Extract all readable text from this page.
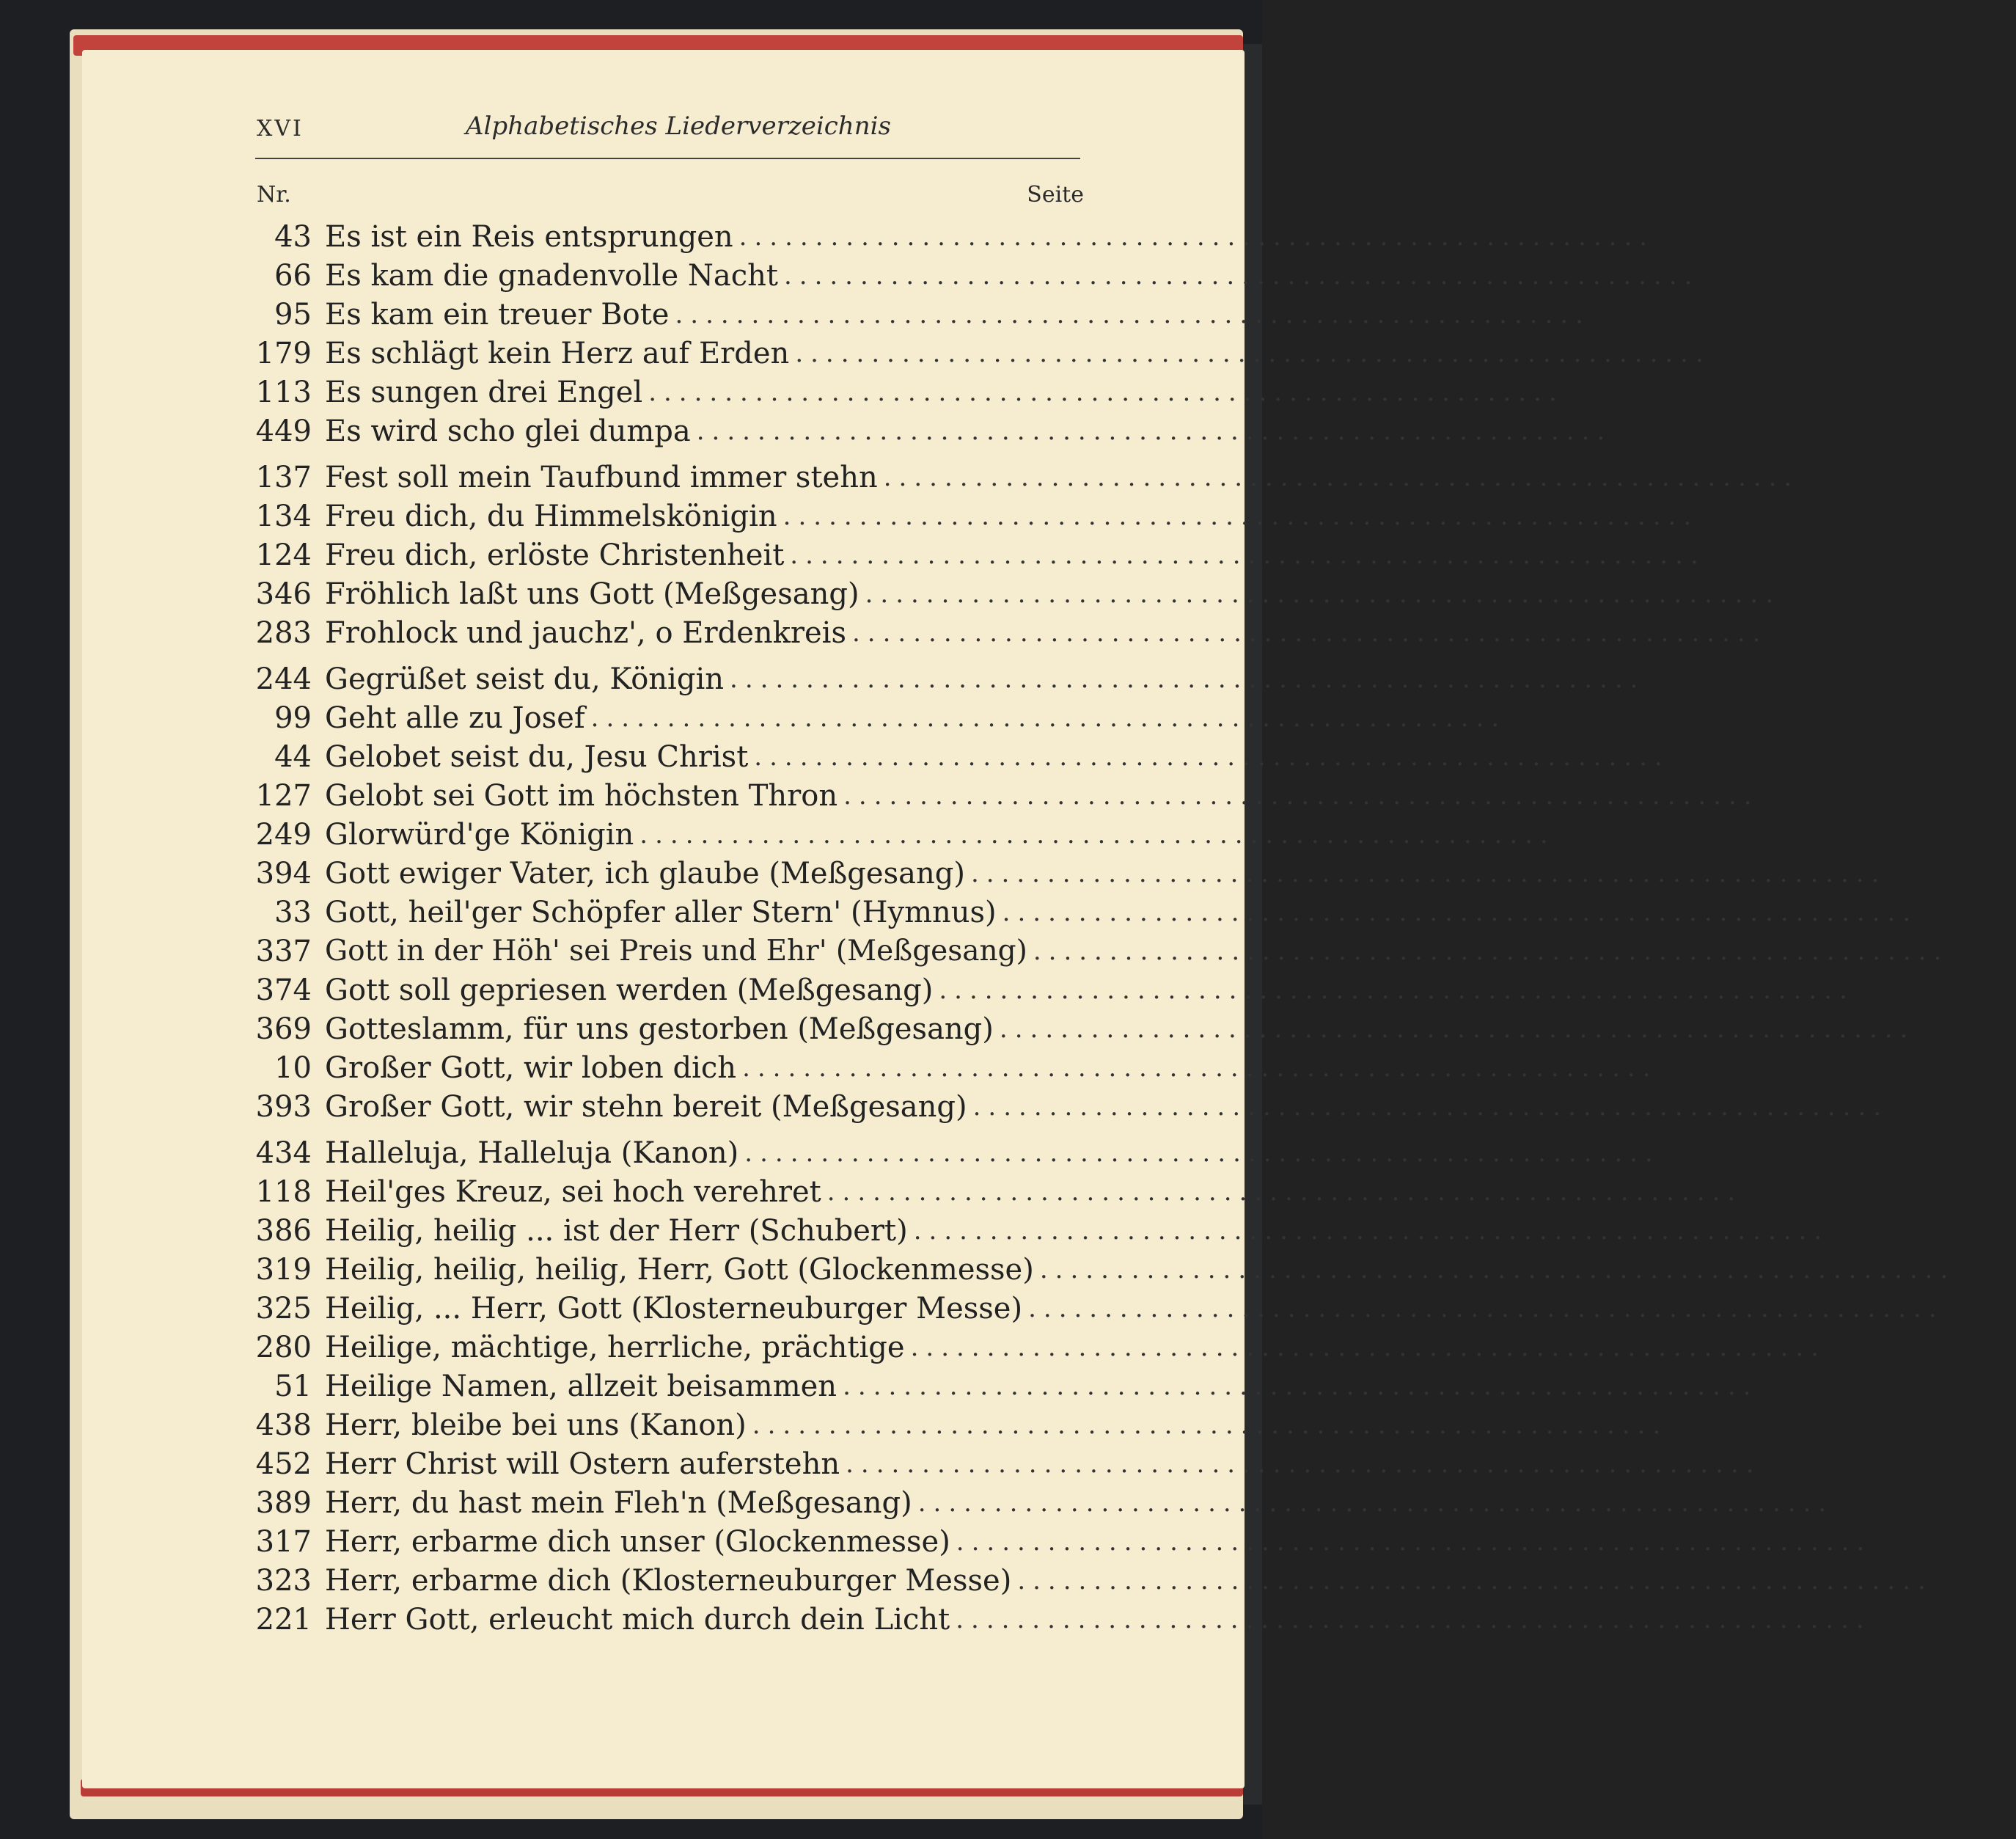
XVI	Alphabetisches Liederverzeichnis
Nr.	Seite
43 Es ist ein Reis entsprungen ............................................................ 67
66 Es kam die gnadenvolle Nacht ............................................................ 88
95 Es kam ein treuer Bote ............................................................ 138
179 Es schlägt kein Herz auf Erden ............................................................ 280
113 Es sungen drei Engel ............................................................ 162
449 Es wird scho glei dumpa ............................................................ 628
137 Fest soll mein Taufbund immer stehn ............................................................ 214
134 Freu dich, du Himmelskönigin ............................................................ 207
124 Freu dich, erlöste Christenheit ............................................................ 199
346 Fröhlich laßt uns Gott (Meßgesang) ............................................................ 545
283 Frohlock und jauchz', o Erdenkreis ............................................................ 429
244 Gegrüßet seist du, Königin ............................................................ 366
99 Geht alle zu Josef ............................................................ 144
44 Gelobet seist du, Jesu Christ ............................................................ 67
127 Gelobt sei Gott im höchsten Thron ............................................................ 201
249 Glorwürd'ge Königin ............................................................ 374
394 Gott ewiger Vater, ich glaube (Meßgesang) ............................................................ 569
33 Gott, heil'ger Schöpfer aller Stern' (Hymnus) ............................................................ 47
337 Gott in der Höh' sei Preis und Ehr' (Meßgesang) ............................................................ 539
374 Gott soll gepriesen werden (Meßgesang) ............................................................ 564
369 Gotteslamm, für uns gestorben (Meßgesang) ............................................................ 560
10 Großer Gott, wir loben dich ............................................................ 15
393 Großer Gott, wir stehn bereit (Meßgesang) ............................................................ 569
434 Halleluja, Halleluja (Kanon) ............................................................ 615
118 Heil'ges Kreuz, sei hoch verehret ............................................................ 181
386 Heilig, heilig ... ist der Herr (Schubert) ............................................................ 567
319 Heilig, heilig, heilig, Herr, Gott (Glockenmesse) ............................................................ 517
325 Heilig, ... Herr, Gott (Klosterneuburger Messe) ............................................................ 524
280 Heilige, mächtige, herrliche, prächtige ............................................................ 426
51 Heilige Namen, allzeit beisammen ............................................................ 74
438 Herr, bleibe bei uns (Kanon) ............................................................ 617
452 Herr Christ will Ostern auferstehn ............................................................ 632
389 Herr, du hast mein Fleh'n (Meßgesang) ............................................................ 568
317 Herr, erbarme dich unser (Glockenmesse) ............................................................ 511
323 Herr, erbarme dich (Klosterneuburger Messe) ............................................................ 523
221 Herr Gott, erleucht mich durch dein Licht ............................................................ 328
